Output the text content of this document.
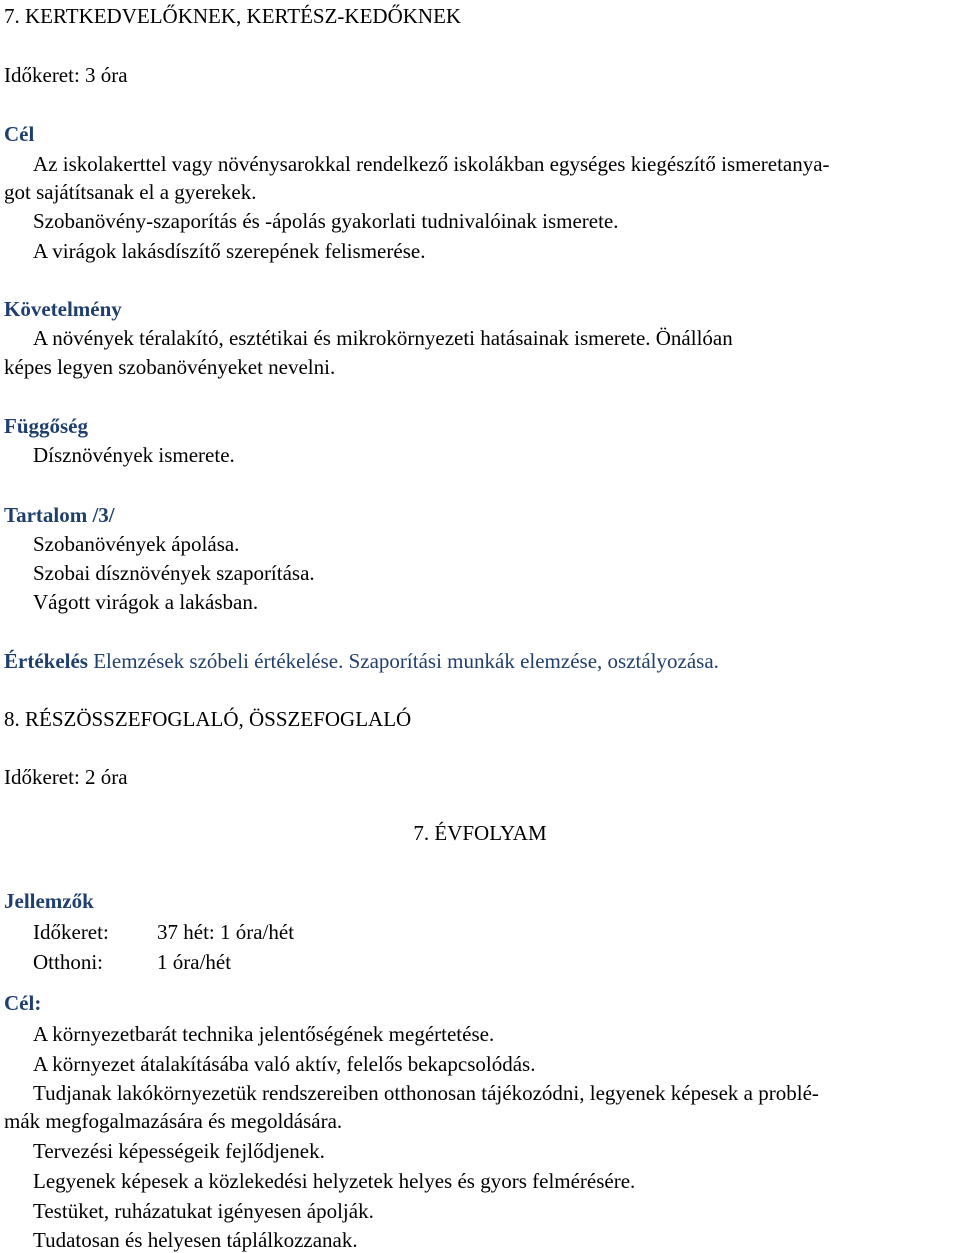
7. KERTKEDVELŐKNEK, KERTÉSZ-KEDŐKNEK
Időkeret: 3 óra
Cél
Az iskolakerttel vagy növénysarokkal rendelkező iskolákban egységes kiegészítő ismeretanya-
got sajátítsanak el a gyerekek.
Szobanövény-szaporítás és -ápolás gyakorlati tudnivalóinak ismerete.
A virágok lakásdíszítő szerepének felismerése.
Követelmény
A növények téralakító, esztétikai és mikrokörnyezeti hatásainak ismerete. Önállóan
képes legyen szobanövényeket nevelni.
Függőség
Dísznövények ismerete.
Tartalom /3/
Szobanövények ápolása.
Szobai dísznövények szaporítása.
Vágott virágok a lakásban.
Értékelés Elemzések szóbeli értékelése. Szaporítási munkák elemzése, osztályozása.
8. RÉSZÖSSZEFOGLALÓ, ÖSSZEFOGLALÓ
Időkeret: 2 óra
7. ÉVFOLYAM
Jellemzők
Időkeret: 37 hét: 1 óra/hét
Otthoni:	1 óra/hét
Cél:
A környezetbarát technika jelentőségének megértetése.
A környezet átalakításába való aktív, felelős bekapcsolódás.
Tudjanak lakókörnyezetük rendszereiben otthonosan tájékozódni, legyenek képesek a problé-
mák megfogalmazására és megoldására.
Tervezési képességeik fejlődjenek.
Legyenek képesek a közlekedési helyzetek helyes és gyors felmérésére.
Testüket, ruházatukat igényesen ápolják.
Tudatosan és helyesen táplálkozzanak.
